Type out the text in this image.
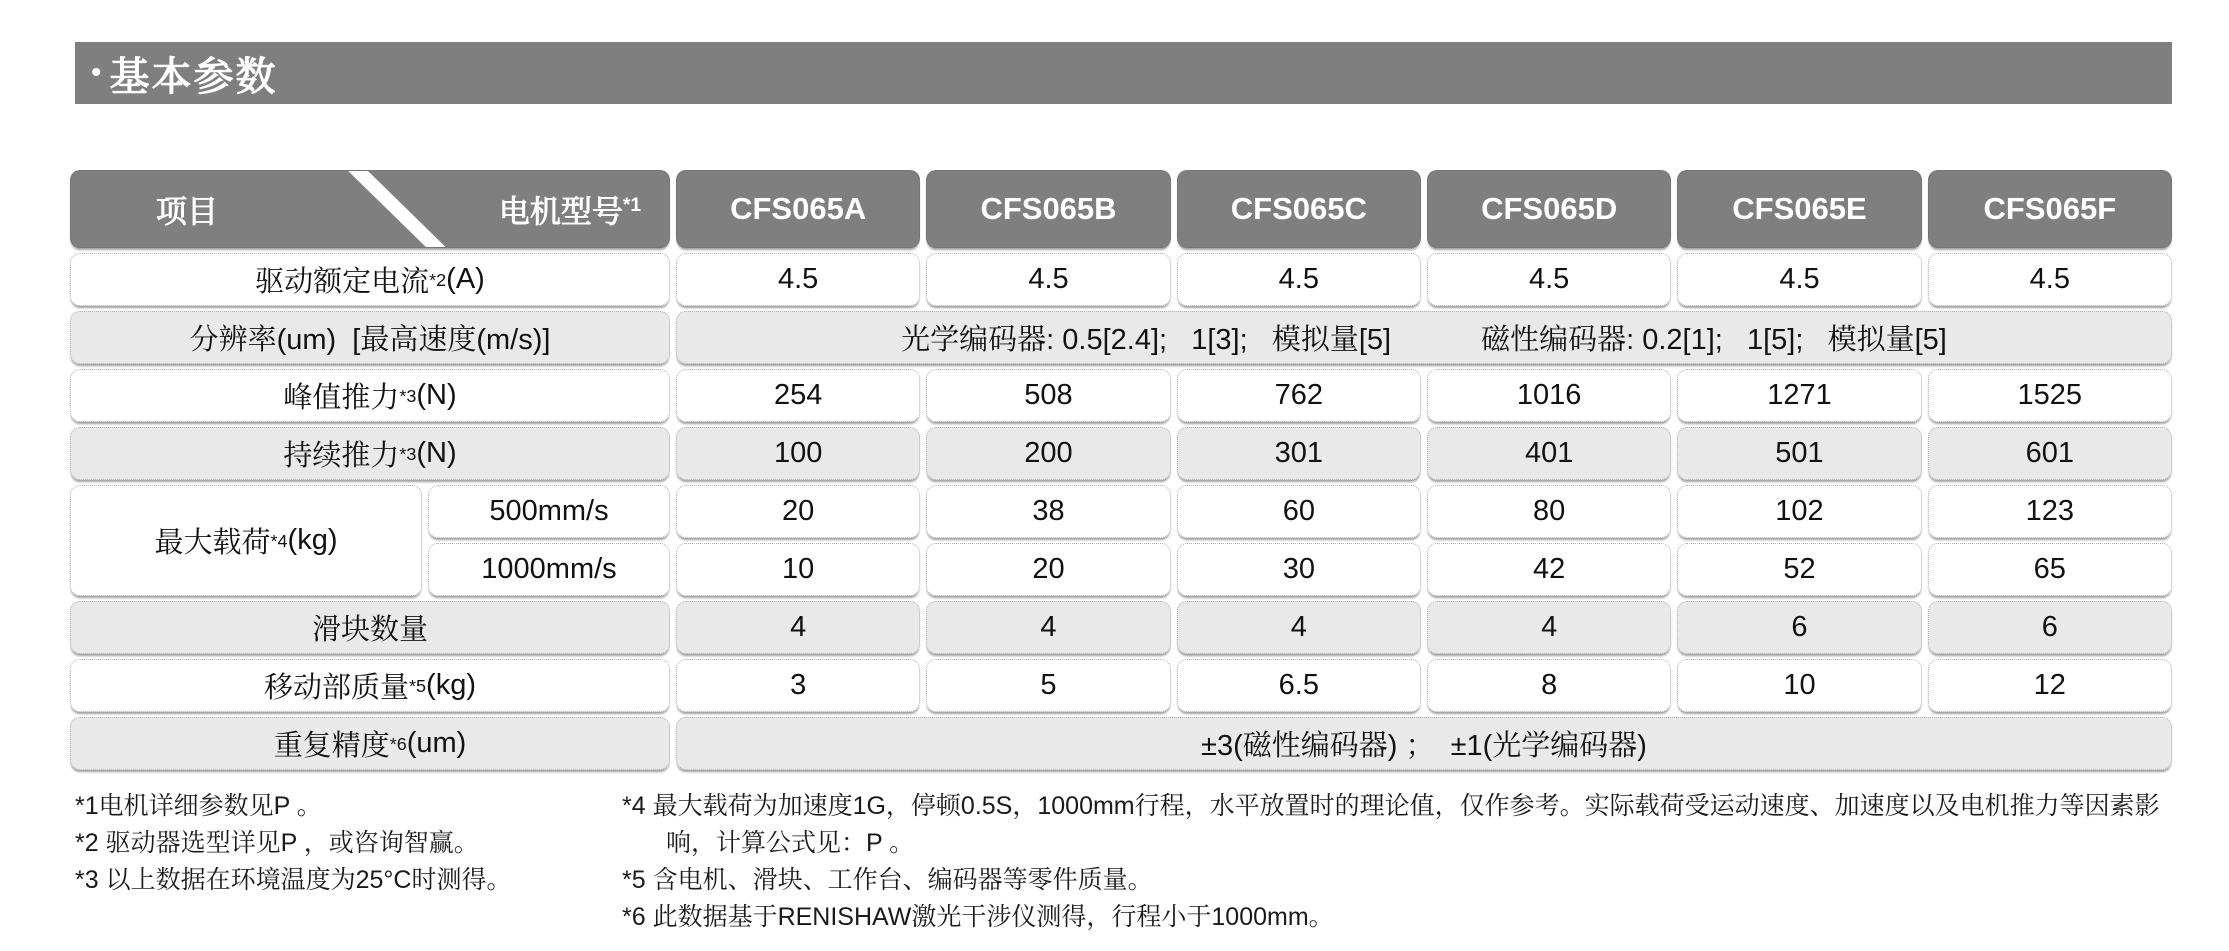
• 基本参数
项目	电机型号$^{*1}$	CFS065A	CFS065B	CFS065C	CFS065D	CFS065E	CFS065F
驱动额定电流 *2 (A)	4.5	4.5	4.5	4.5	4.5	4.5
分辨率(um)  [最高速度(m/s)]	光学编码器: 0.5[2.4];   1[3];   模拟量[5]	磁性编码器: 0.2[1];   1[5];   模拟量[5]
峰值推力 *3 (N)	254	508	762	1016	1271	1525
持续推力 *3 (N)	100	200	301	401	501	601
最大载荷 *4 (kg)
500mm/s	20	38	60	80	102	123
1000mm/s	10	20	30	42	52	65
滑块数量	4	4	4	4	6	6
移动部质量 *5 (kg)	3	5	6.5	8	10	12
重复精度 *6 (um)	±3(磁性编码器) ；  ±1(光学编码器)
*1电机详细参数见P 。
*2 驱动器选型详见P ，或咨询智赢。
*3 以上数据在环境温度为25°C时测得。
*4 最大载荷为加速度1G，停顿0.5S，1000mm行程，水平放置时的理论值，仅作参考。实际载荷受运动速度、加速度以及电机推力等因素影响，计算公式见：P 。
*5 含电机、滑块、工作台、编码器等零件质量。
*6 此数据基于RENISHAW激光干涉仪测得，行程小于1000mm。
